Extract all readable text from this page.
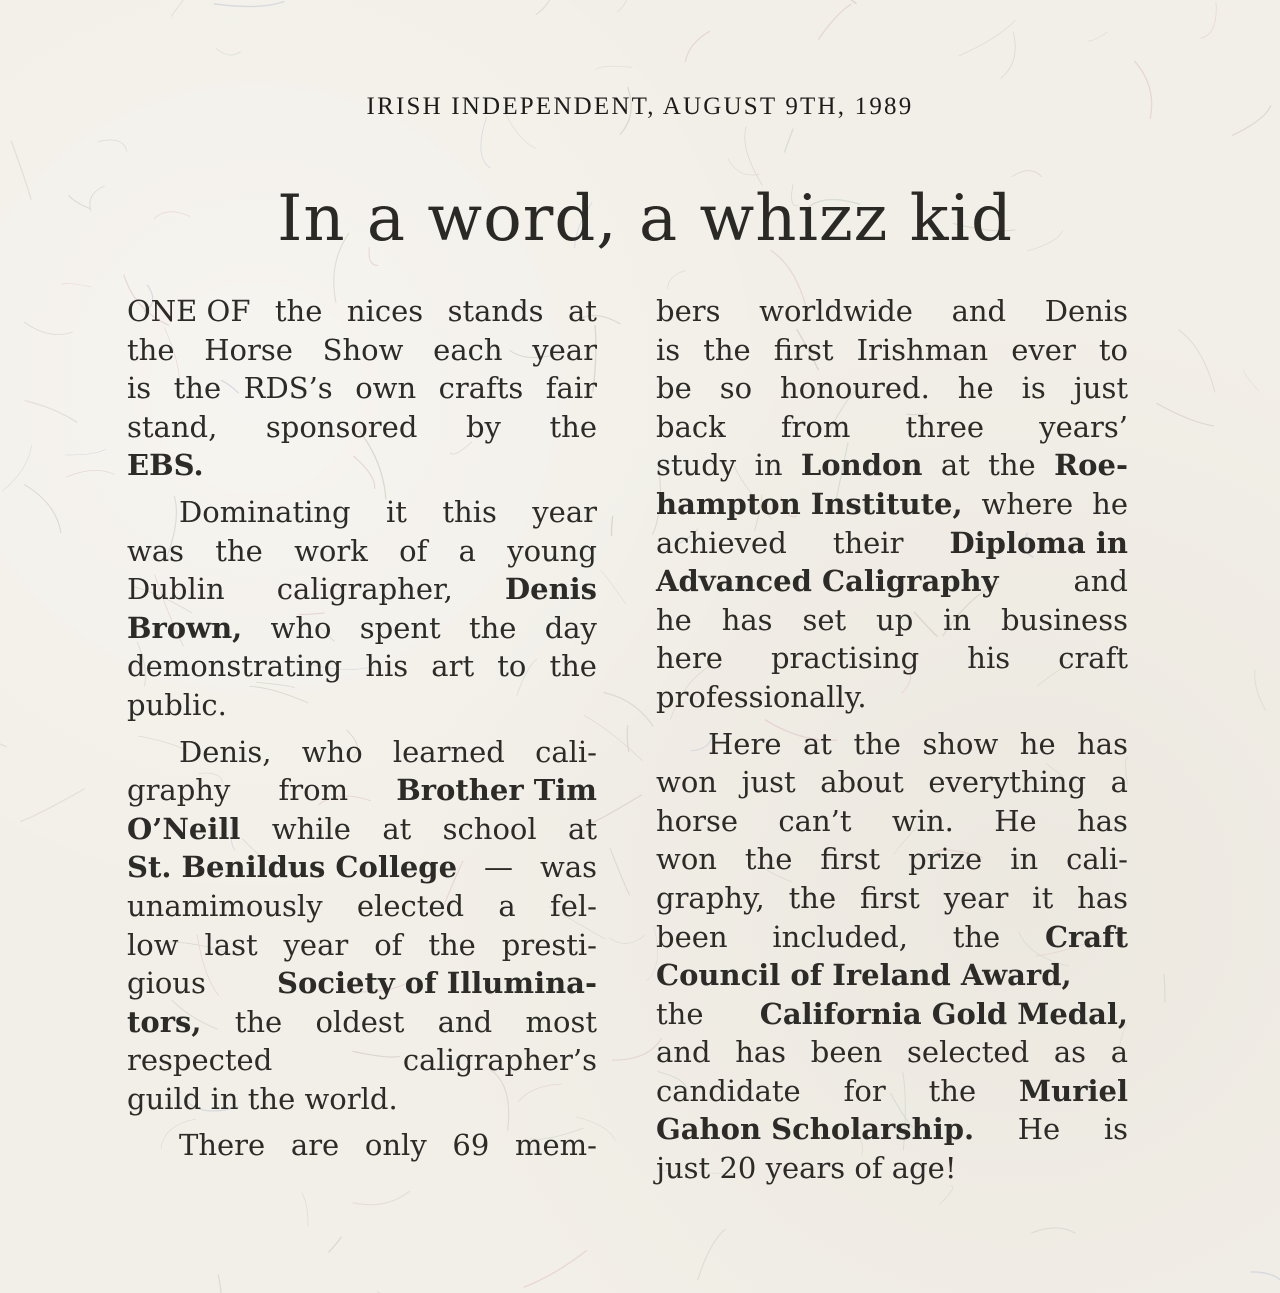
IRISH INDEPENDENT, AUGUST 9TH, 1989
In a word, a whizz kid
ONE OF the nices stands at
the Horse Show each year
is the RDS’s own crafts fair
stand, sponsored by the
EBS.
Dominating it this year
was the work of a young
Dublin caligrapher, Denis
Brown, who spent the day
demonstrating his art to the
public.
Denis, who learned cali-
graphy from Brother Tim
O’Neill while at school at
St. Benildus College — was
unamimously elected a fel-
low last year of the presti-
gious Society of Illumina-
tors, the oldest and most
respected	caligrapher’s
guild in the world.
There are only 69 mem-
bers worldwide and Denis
is the first Irishman ever to
be so honoured. he is just
back from three years’
study in London at the Roe-
hampton Institute, where he
achieved their Diploma in
Advanced Caligraphy	and
he has set up in business
here practising his craft
professionally.
Here at the show he has
won just about everything a
horse can’t win. He has
won the first prize in cali-
graphy, the first year it has
been included, the Craft
Council of Ireland Award,
the California Gold Medal,
and has been selected as a
candidate for the Muriel
Gahon Scholarship. He is
just 20 years of age!
